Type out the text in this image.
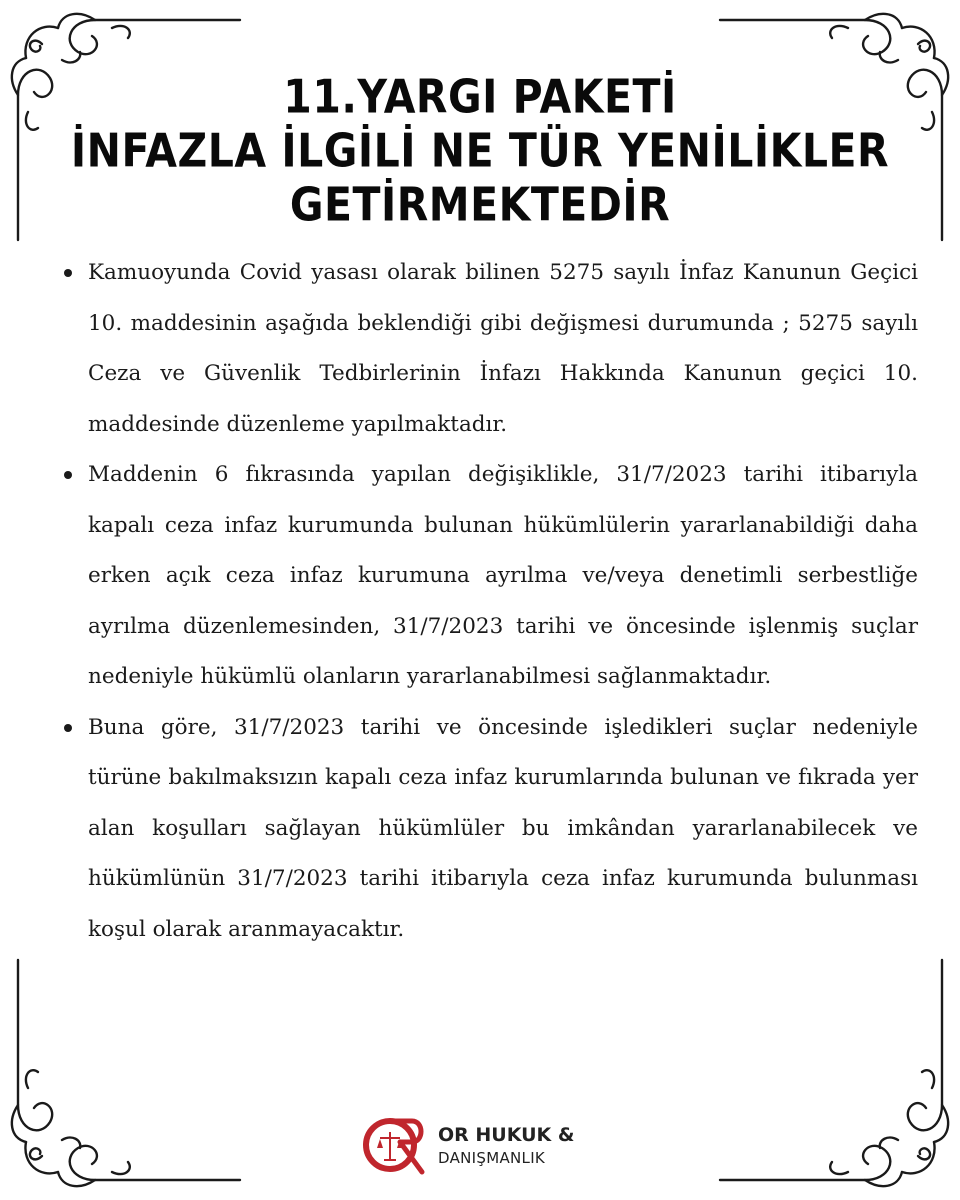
11.YARGI PAKETİ
İNFAZLA İLGİLİ NE TÜR YENİLİKLER
GETİRMEKTEDİR
Kamuoyunda Covid yasası olarak bilinen 5275 sayılı İnfaz Kanunun Geçici 10. maddesinin aşağıda beklendiği gibi değişmesi durumunda ; 5275 sayılı Ceza ve Güvenlik Tedbirlerinin İnfazı Hakkında Kanunun geçici 10. maddesinde düzenleme yapılmaktadır.
Maddenin 6 fıkrasında yapılan değişiklikle, 31/7/2023 tarihi itibarıyla kapalı ceza infaz kurumunda bulunan hükümlülerin yararlanabildiği daha erken açık ceza infaz kurumuna ayrılma ve/veya denetimli serbestliğe ayrılma düzenlemesinden, 31/7/2023 tarihi ve öncesinde işlenmiş suçlar nedeniyle hükümlü olanların yararlanabilmesi sağlanmaktadır.
Buna göre, 31/7/2023 tarihi ve öncesinde işledikleri suçlar nedeniyle türüne bakılmaksızın kapalı ceza infaz kurumlarında bulunan ve fıkrada yer alan koşulları sağlayan hükümlüler bu imkândan yararlanabilecek ve hükümlünün 31/7/2023 tarihi itibarıyla ceza infaz kurumunda bulunması koşul olarak aranmayacaktır.
OR HUKUK &
DANIŞMANLIK
